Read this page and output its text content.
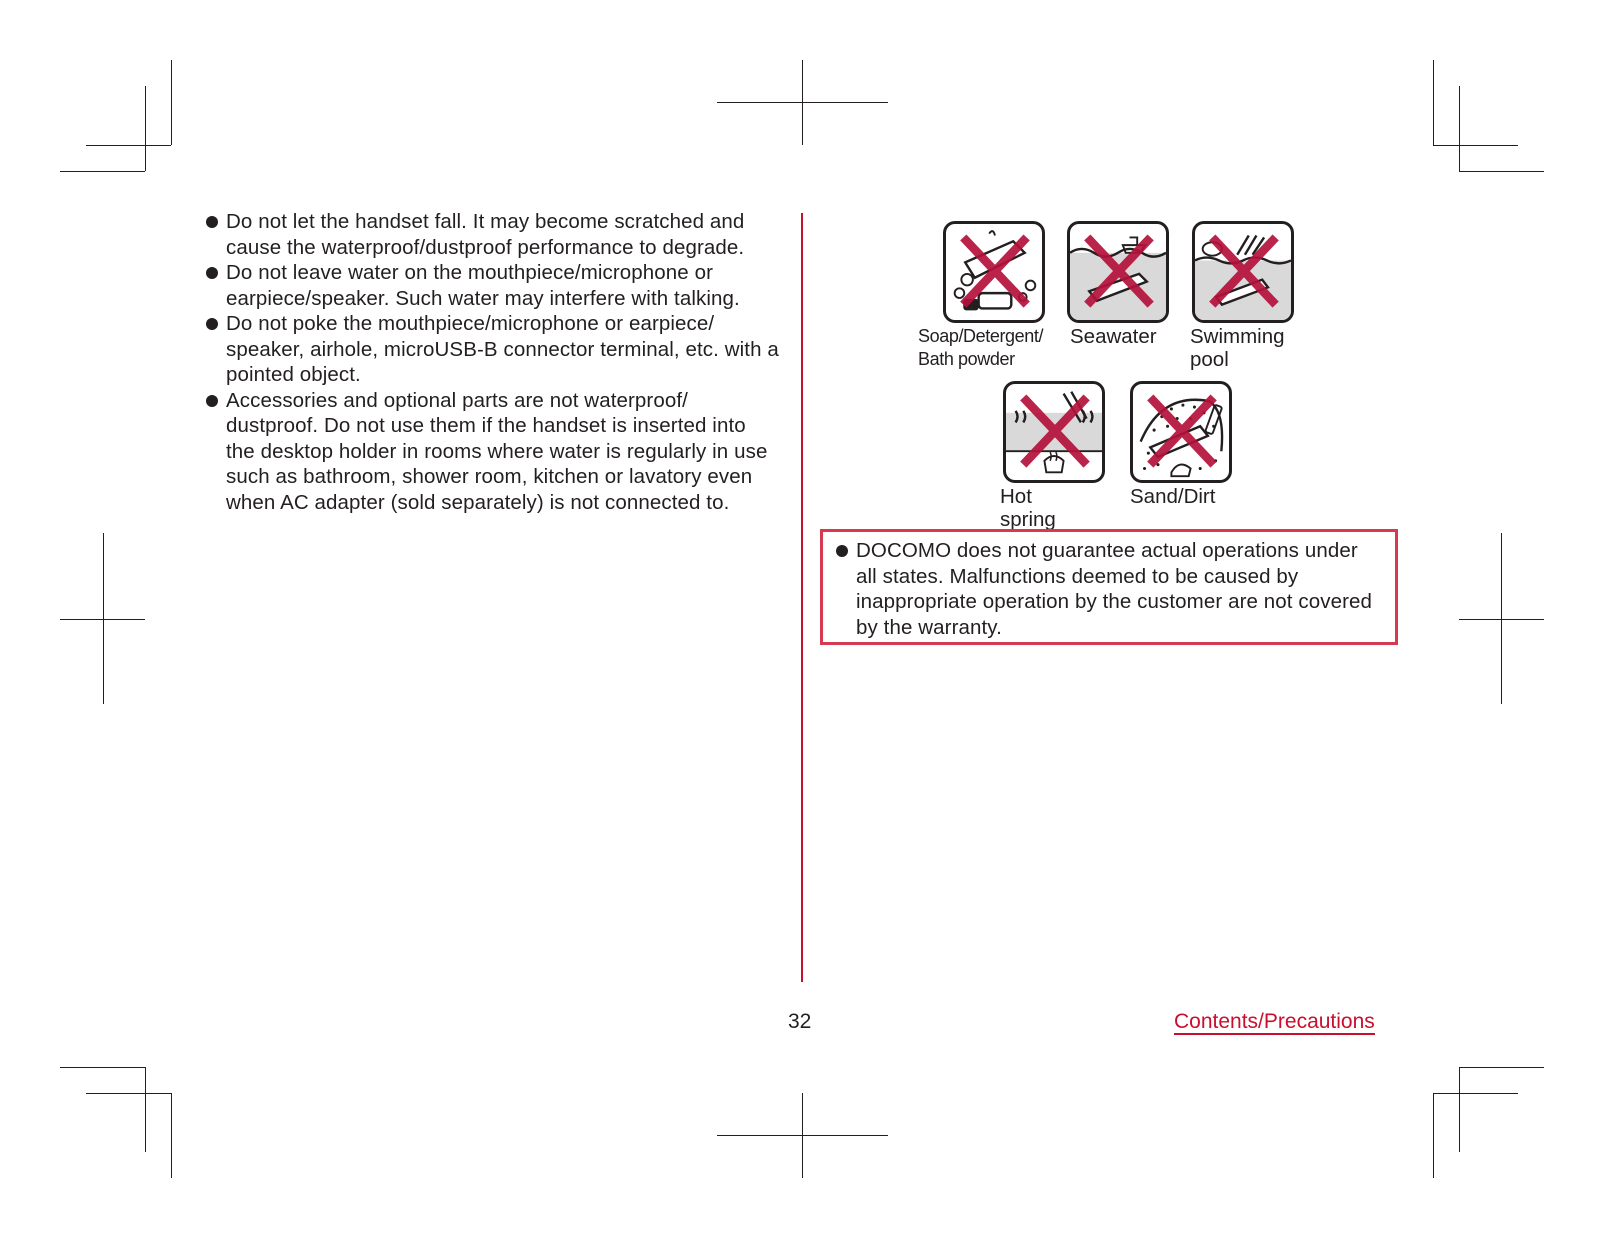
Do not let the handset fall. It may become scratched and cause the waterproof/dustproof performance to degrade.
Do not leave water on the mouthpiece/microphone or earpiece/speaker. Such water may interfere with talking.
Do not poke the mouthpiece/microphone or earpiece/ speaker, airhole, microUSB-B connector terminal, etc. with a pointed object.
Accessories and optional parts are not waterproof/ dustproof. Do not use them if the handset is inserted into the desktop holder in rooms where water is regularly in use such as bathroom, shower room, kitchen or lavatory even when AC adapter (sold separately) is not connected to.
Soap/Detergent/
Bath powder
Seawater Swimming
pool
Hot spring
Sand/Dirt
DOCOMO does not guarantee actual operations under all states. Malfunctions deemed to be caused by inappropriate operation by the customer are not covered by the warranty.
32	Contents/Precautions
